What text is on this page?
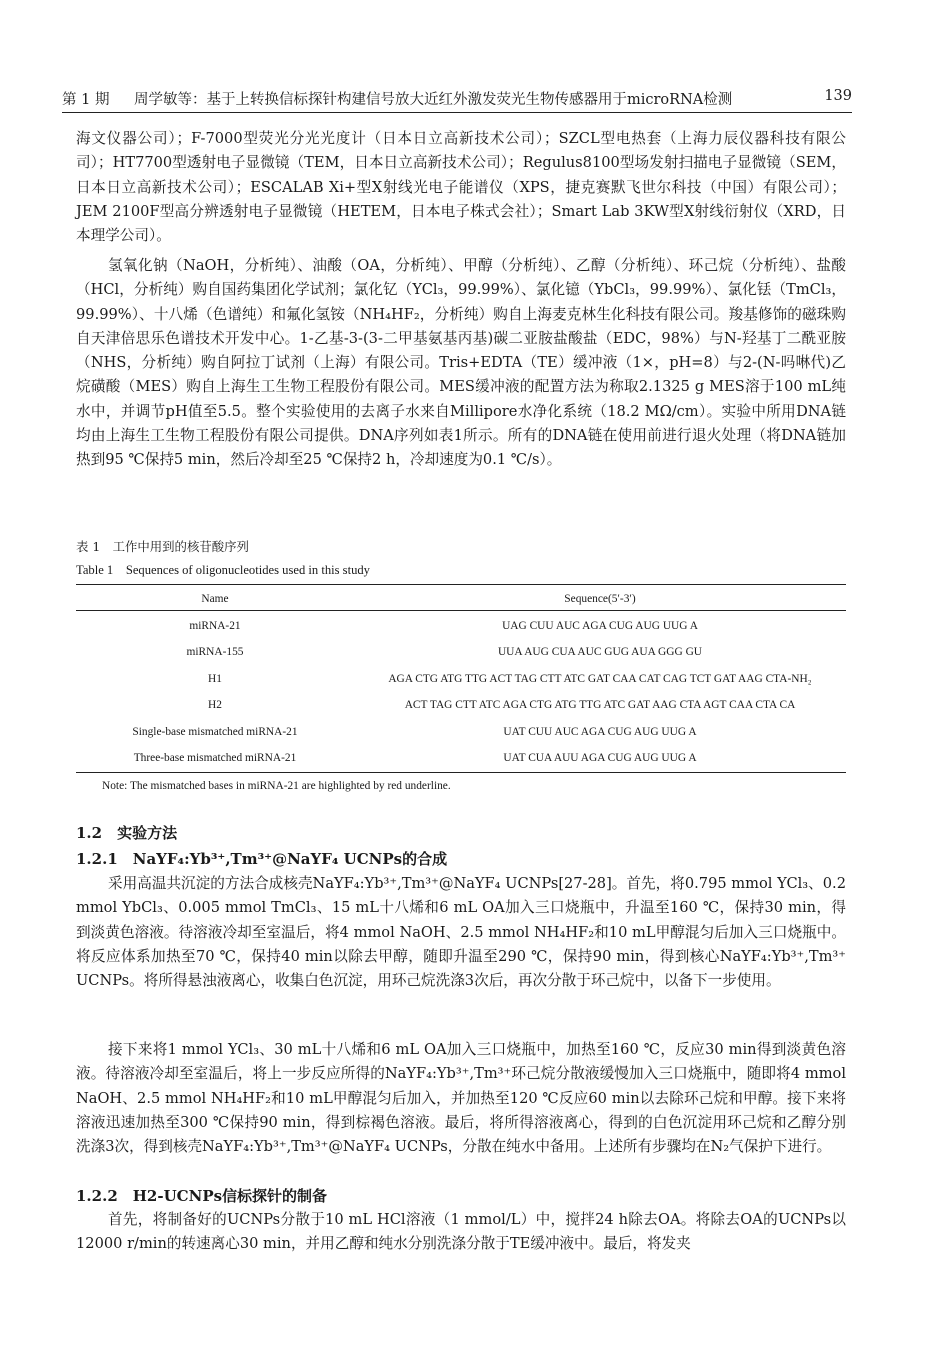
第 1 期 周学敏等：基于上转换信标探针构建信号放大近红外激发荧光生物传感器用于microRNA检测	139
海文仪器公司）；F-7000型荧光分光光度计（日本日立高新技术公司）；SZCL型电热套（上海力辰仪器科技有限公司）；HT7700型透射电子显微镜（TEM，日本日立高新技术公司）；Regulus8100型场发射扫描电子显微镜（SEM，日本日立高新技术公司）；ESCALAB Xi+型X射线光电子能谱仪（XPS，捷克赛默飞世尔科技（中国）有限公司）；JEM 2100F型高分辨透射电子显微镜（HETEM，日本电子株式会社）；Smart Lab 3KW型X射线衍射仪（XRD，日本理学公司）。
氢氧化钠（NaOH，分析纯）、油酸（OA，分析纯）、甲醇（分析纯）、乙醇（分析纯）、环己烷（分析纯）、盐酸（HCl，分析纯）购自国药集团化学试剂；氯化钇（YCl₃，99.99%）、氯化镱（YbCl₃，99.99%）、氯化铥（TmCl₃，99.99%）、十八烯（色谱纯）和氟化氢铵（NH₄HF₂，分析纯）购自上海麦克林生化科技有限公司。羧基修饰的磁珠购自天津倍思乐色谱技术开发中心。1-乙基-3-(3-二甲基氨基丙基)碳二亚胺盐酸盐（EDC，98%）与N-羟基丁二酰亚胺（NHS，分析纯）购自阿拉丁试剂（上海）有限公司。Tris+EDTA（TE）缓冲液（1×，pH=8）与2-(N-吗啉代)乙烷磺酸（MES）购自上海生工生物工程股份有限公司。MES缓冲液的配置方法为称取2.1325 g MES溶于100 mL纯水中，并调节pH值至5.5。整个实验使用的去离子水来自Millipore水净化系统（18.2 MΩ/cm）。实验中所用DNA链均由上海生工生物工程股份有限公司提供。DNA序列如表1所示。所有的DNA链在使用前进行退火处理（将DNA链加热到95 ℃保持5 min，然后冷却至25 ℃保持2 h，冷却速度为0.1 ℃/s）。
表 1　工作中用到的核苷酸序列
Table 1　Sequences of oligonucleotides used in this study
Name	Sequence(5′-3′)
miRNA-21	UAG CUU AUC AGA CUG AUG UUG A
miRNA-155	UUA AUG CUA AUC GUG AUA GGG GU
H1	AGA CTG ATG TTG ACT TAG CTT ATC GAT CAA CAT CAG TCT GAT AAG CTA-NH₂
H2	ACT TAG CTT ATC AGA CTG ATG TTG ATC GAT AAG CTA AGT CAA CTA CA
Single-base mismatched miRNA-21	UAT CUU AUC AGA CUG AUG UUG A
Three-base mismatched miRNA-21	UAT CUA AUU AGA CUG AUG UUG A
Note: The mismatched bases in miRNA-21 are highlighted by red underline.
1.2　实验方法
1.2.1　NaYF₄:Yb³⁺,Tm³⁺@NaYF₄ UCNPs的合成
采用高温共沉淀的方法合成核壳NaYF₄:Yb³⁺,Tm³⁺@NaYF₄ UCNPs[27-28]。首先，将0.795 mmol YCl₃、0.2 mmol YbCl₃、0.005 mmol TmCl₃、15 mL十八烯和6 mL OA加入三口烧瓶中，升温至160 ℃，保持30 min，得到淡黄色溶液。待溶液冷却至室温后，将4 mmol NaOH、2.5 mmol NH₄HF₂和10 mL甲醇混匀后加入三口烧瓶中。将反应体系加热至70 ℃，保持40 min以除去甲醇，随即升温至290 ℃，保持90 min，得到核心NaYF₄:Yb³⁺,Tm³⁺ UCNPs。将所得悬浊液离心，收集白色沉淀，用环己烷洗涤3次后，再次分散于环己烷中，以备下一步使用。
接下来将1 mmol YCl₃、30 mL十八烯和6 mL OA加入三口烧瓶中，加热至160 ℃，反应30 min得到淡黄色溶液。待溶液冷却至室温后，将上一步反应所得的NaYF₄:Yb³⁺,Tm³⁺环己烷分散液缓慢加入三口烧瓶中，随即将4 mmol NaOH、2.5 mmol NH₄HF₂和10 mL甲醇混匀后加入，并加热至120 ℃反应60 min以去除环己烷和甲醇。接下来将溶液迅速加热至300 ℃保持90 min，得到棕褐色溶液。最后，将所得溶液离心，得到的白色沉淀用环己烷和乙醇分别洗涤3次，得到核壳NaYF₄:Yb³⁺,Tm³⁺@NaYF₄ UCNPs，分散在纯水中备用。上述所有步骤均在N₂气保护下进行。
1.2.2　H2-UCNPs信标探针的制备
首先，将制备好的UCNPs分散于10 mL HCl溶液（1 mmol/L）中，搅拌24 h除去OA。将除去OA的UCNPs以12000 r/min的转速离心30 min，并用乙醇和纯水分别洗涤分散于TE缓冲液中。最后，将发夹
